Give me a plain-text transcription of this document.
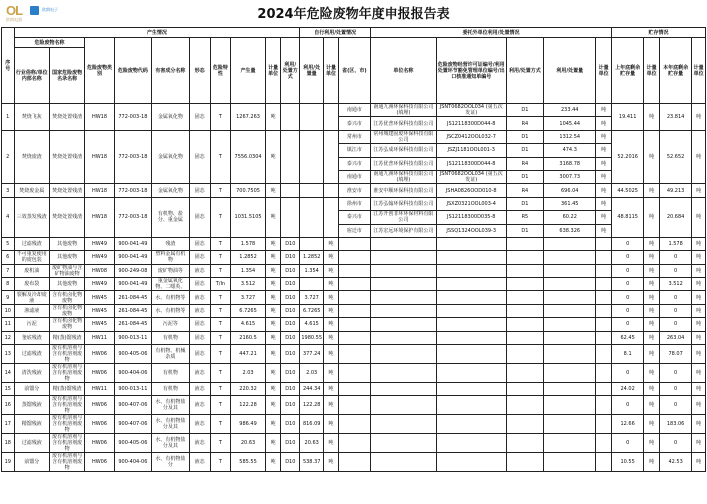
OL
欧朗电器
欧朗电子	2024年危险废物年度申报报告表
序号	产生情况										自行利用/处置情况			委托外单位利用/处置情况					贮存情况			
	危险废物名称		危险废物类别	危险废物代码	有害成分名称	形态	危险特性	产生量	计量单位	利用/处置方式	利用/处置量	计量单位	省(区、市)	单位名称	危险废物经营许可证编号/利用处置环节豁免管理单位编号/出口核准通知单编号	利用/处置方式	利用/处置量	计量单位	上年底剩余贮存量	计量单位	本年底剩余贮存量	计量单位
	行业俗称/单位内部名称	国家危险废物名录名称																				
1	焚烧飞灰	焚烧处置残渣	HW18	772-003-18	金属氧化物	固态	T	1267.263	吨				南通市	南通九洲环保科技有限公司(填埋)	JSNT0682OOL034 (第五次发证)	D1	233.44	吨	19.411	吨	23.814	吨
													泰兴市	江苏优普环保科技有限公司	JS12118300D044-8	R4	1045.44	吨				
2	焚烧废渣	焚烧处置残渣	HW18	772-003-18	金属氧化物	固态	T	7556.0304	吨				常州市	常州城建固废环保科技有限公司	JSCZ0412OOL032-7	D1	1312.54	吨	52.2016	吨	52.652	吨
													镇江市	江苏弘成环保科技有限公司	JSZJ1181OOL001-3	D1	474.3	吨				
													泰兴市	江苏优普环保科技有限公司	JS12118300D044-8	R4	3168.78	吨				
													南通市	南通九洲环保科技有限公司(填埋)	JSNT0682OOL034 (第五次发证)	D1	3007.73	吨				
3	焚烧废金属	焚烧处置残渣	HW18	772-003-18	金属氧化物	固态	T	700.7505	吨				淮安市	淮安中顺环保科技有限公司	JSHA0826OOD010-8	R4	696.04	吨	44.5025	吨	49.213	吨
4	三效蒸发残渣	焚烧处置残渣	HW18	772-003-18	有机物、盐分、重金属	固态	T	1031.5105	吨				徐州市	江苏弘翰环保科技有限公司	JSXZ0321OOL003-4	D1	361.45	吨	48.8115	吨	20.684	吨
													泰兴市	江苏开创非环环保材料有限公司	JS12118300D035-8	R5	60.22	吨				
													宿迁市	江苏宏远环境保护有限公司	JSSQ1324OOL039-3	D1	638.326	吨				
5	过滤残渣	其他废物	HW49	900-041-49	残渣	固态	T	1.578	吨	D10		吨							0	吨	1.578	吨
6	不可重复使用的废包装	其他废物	HW49	900-041-49	塑料金属有机物	固态	T	1.2852	吨	D10	1.2852	吨							0	吨	0	吨
7	废机油	废矿物油与含矿物油废物	HW08	900-249-08	废矿物油等	液态	T	1.354	吨	D10	1.354	吨							0	吨	0	吨
8	废布袋	其他废物	HW49	900-041-49	重金属氧化物、二噁英、	固态	T/In	3.512	吨	D10		吨							0	吨	3.512	吨
9	裂解及冷却废液	含有机卤化物废物	HW45	261-084-45	水、有机物等	液态	T	3.727	吨	D10	3.727	吨							0	吨	0	吨
10	渗滤液	含有机卤化物废物	HW45	261-084-45	水、有机物等	液态	T	6.7265	吨	D10	6.7265	吨							0	吨	0	吨
11	污泥	含有机卤化物废物	HW45	261-084-45	污泥等	固态	T	4.615	吨	D10	4.615	吨							0	吨	0	吨
12	釜底残渣	精(蒸)馏残渣	HW11	900-013-11	有机物	固态	T	2160.5	吨	D10	1980.55	吨							62.45	吨	263.04	吨
13	过滤残渣	废有机溶剂与含有机溶剂废物	HW06	900-405-06	有机物、机械杂质	固态	T	447.21	吨	D10	377.24	吨							8.1	吨	78.07	吨
14	清洗残液	废有机溶剂与含有机溶剂废物	HW06	900-404-06	有机物	液态	T	2.03	吨	D10	2.03	吨							0	吨	0	吨
15	前馏分	精(蒸)馏残渣	HW11	900-013-11	有机物	液态	T	220.32	吨	D10	244.34	吨							24.02	吨	0	吨
16	蒸馏残液	废有机溶剂与含有机溶剂废物	HW06	900-407-06	水、有机物盐分及其	液态	T	122.28	吨	D10	122.28	吨							0	吨	0	吨
17	精馏残液	废有机溶剂与含有机溶剂废物	HW06	900-407-06	水、有机物盐分及其	液态	T	986.49	吨	D10	816.09	吨							12.66	吨	183.06	吨
18	过滤残液	废有机溶剂与含有机溶剂废物	HW06	900-405-06	水、有机物盐分及其	液态	T	20.63	吨	D10	20.63	吨							0	吨	0	吨
19	前馏分	废有机溶剂与含有机溶剂废物	HW06	900-404-06	水、有机物盐分	液态	T	585.55	吨	D10	538.37	吨							10.55	吨	42.53	吨
